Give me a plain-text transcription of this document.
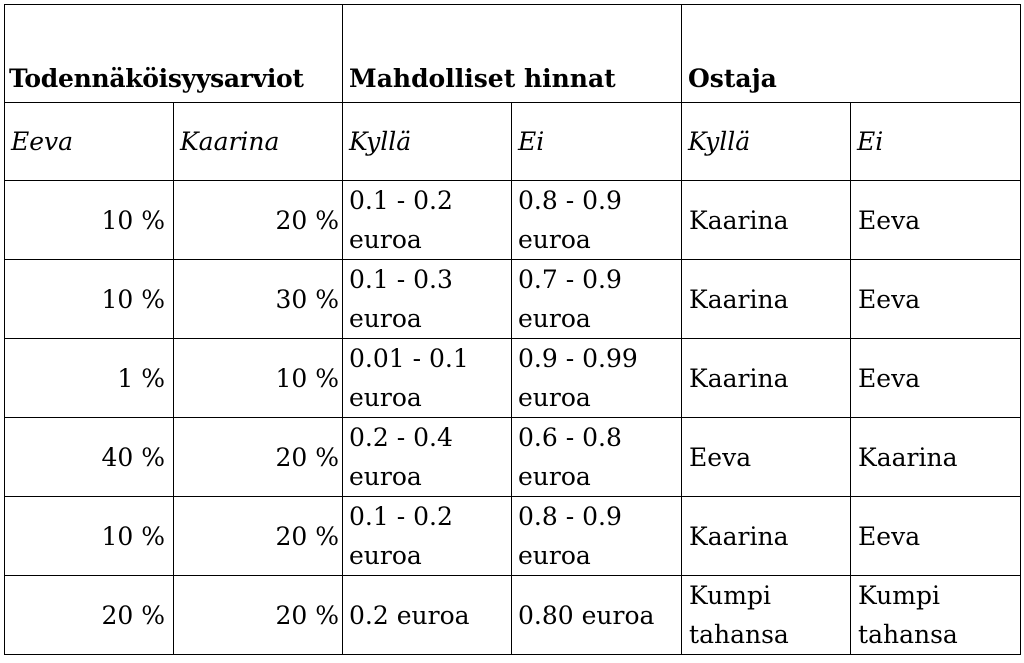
Todennäköisyysarviot		Mahdolliset hinnat		Ostaja	
Eeva	Kaarina	Kyllä	Ei	Kyllä	Ei
10 %	20 %	0.1 - 0.2 euroa	0.8 - 0.9 euroa	Kaarina	Eeva
10 %	30 %	0.1 - 0.3 euroa	0.7 - 0.9 euroa	Kaarina	Eeva
1 %	10 %	0.01 - 0.1 euroa	0.9 - 0.99 euroa	Kaarina	Eeva
40 %	20 %	0.2 - 0.4 euroa	0.6 - 0.8 euroa	Eeva	Kaarina
10 %	20 %	0.1 - 0.2 euroa	0.8 - 0.9 euroa	Kaarina	Eeva
20 %	20 %	0.2 euroa	0.80 euroa	Kumpi tahansa	Kumpi tahansa
